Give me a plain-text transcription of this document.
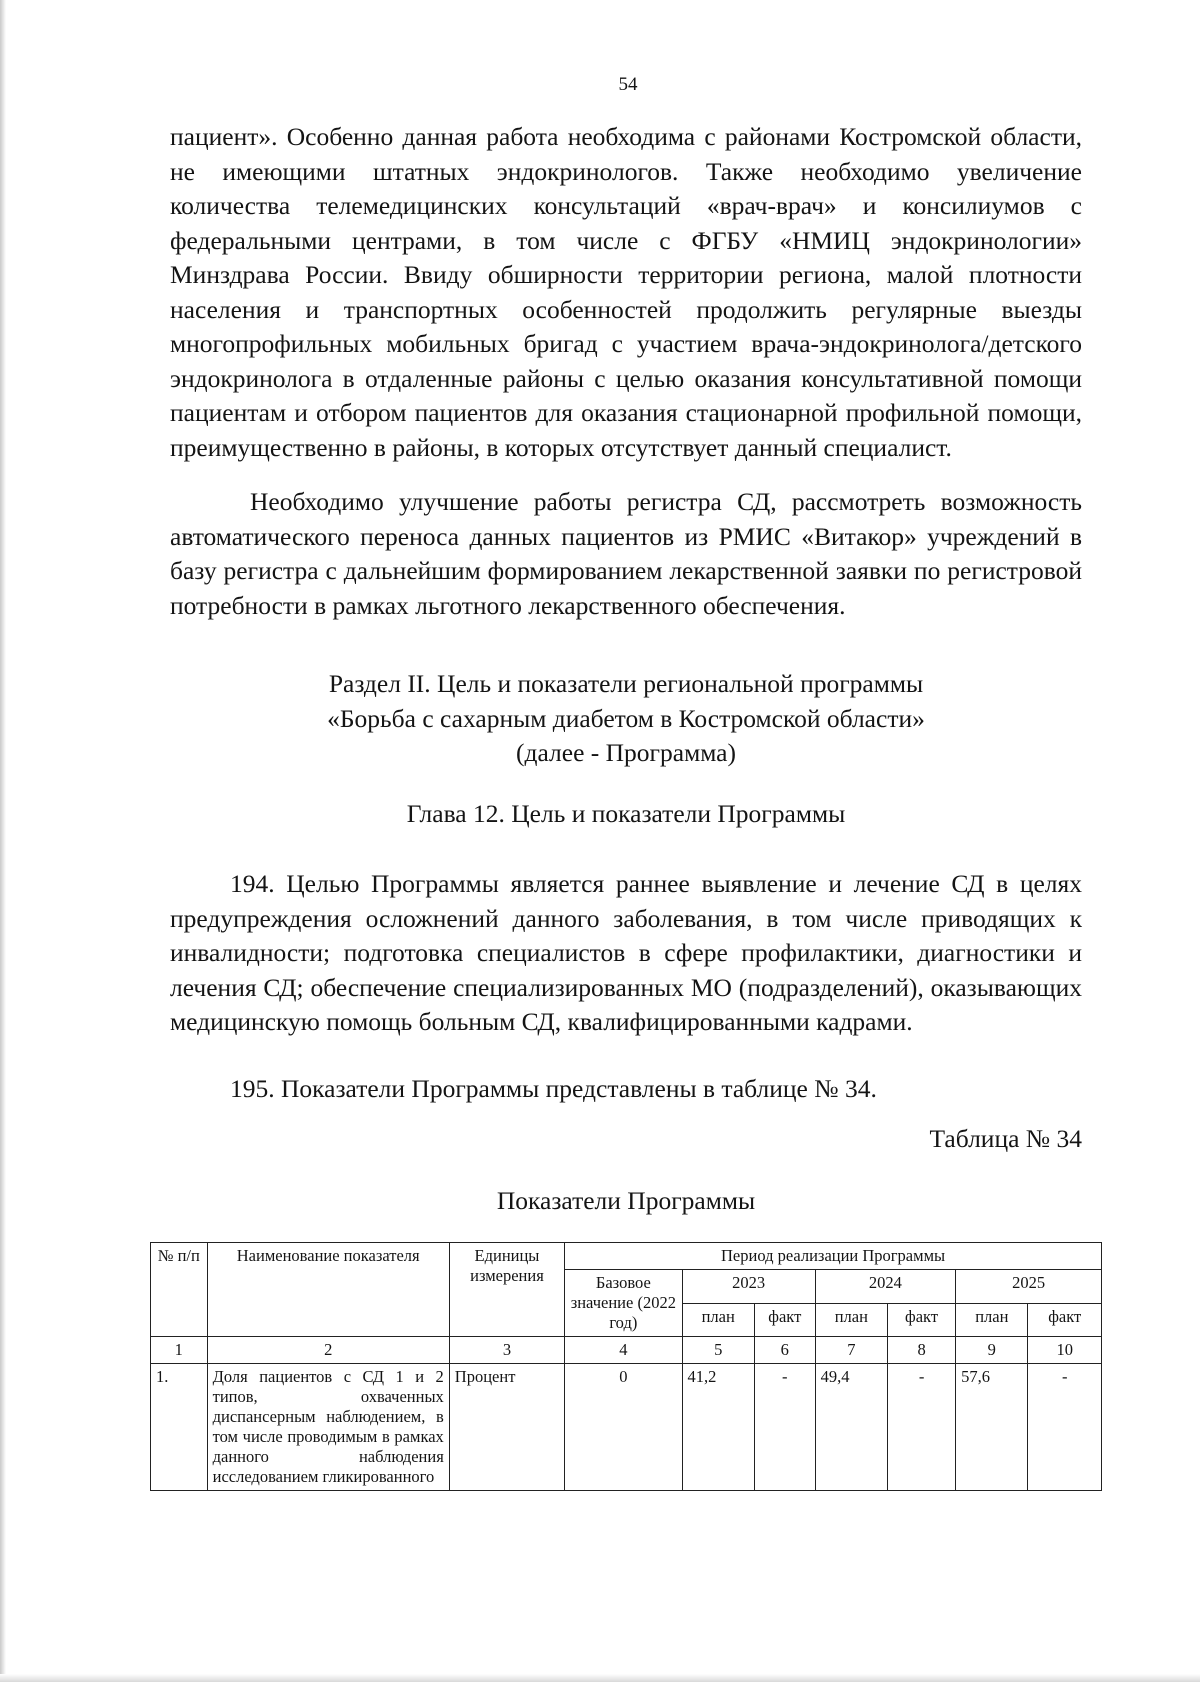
54

пациент». Особенно данная работа необходима с районами Костромской области, не имеющими штатных эндокринологов. Также необходимо увеличение количества телемедицинских консультаций «врач-врач» и консилиумов с федеральными центрами, в том числе с ФГБУ «НМИЦ эндокринологии» Минздрава России. Ввиду обширности территории региона, малой плотности населения и транспортных особенностей продолжить регулярные выезды многопрофильных мобильных бригад с участием врача-эндокринолога/детского эндокринолога в отдаленные районы с целью оказания консультативной помощи пациентам и отбором пациентов для оказания стационарной профильной помощи, преимущественно в районы, в которых отсутствует данный специалист.

Необходимо улучшение работы регистра СД, рассмотреть возможность автоматического переноса данных пациентов из РМИС «Витакор» учреждений в базу регистра с дальнейшим формированием лекарственной заявки по регистровой потребности в рамках льготного лекарственного обеспечения.

Раздел II. Цель и показатели региональной программы
«Борьба с сахарным диабетом в Костромской области»
(далее - Программа)
Глава 12. Цель и показатели Программы

194. Целью Программы является раннее выявление и лечение СД в целях предупреждения осложнений данного заболевания, в том числе приводящих к инвалидности; подготовка специалистов в сфере профилактики, диагностики и лечения СД; обеспечение специализированных МО (подразделений), оказывающих медицинскую помощь больным СД, квалифицированными кадрами.

195. Показатели Программы представлены в таблице № 34.

Таблица № 34
Показатели Программы
№ п/п	Наименование показателя	Единицы измерения	Период реализации Программы						
			Базовое значение (2022 год)	2023		2024		2025	
				план	факт	план	факт	план	факт
1	2	3	4	5	6	7	8	9	10
1.	Доля пациентов с СД 1 и 2 типов, охваченных диспансерным наблюдением, в том числе проводимым в рамках данного наблюдения исследованием гликированного	Процент	0	41,2	-	49,4	-	57,6	-
